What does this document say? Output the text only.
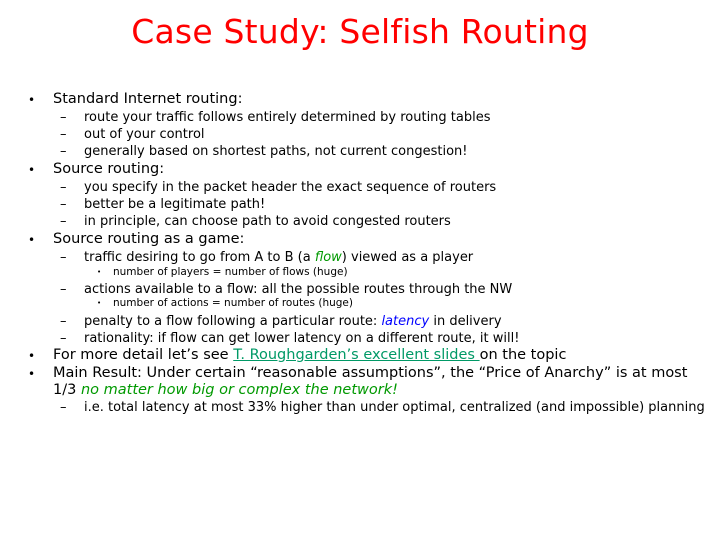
Case Study: Selfish Routing
• Standard Internet routing:
– route your traffic follows entirely determined by routing tables
– out of your control
– generally based on shortest paths, not current congestion!
• Source routing:
– you specify in the packet header the exact sequence of routers
– better be a legitimate path!
– in principle, can choose path to avoid congested routers
• Source routing as a game:
– traffic desiring to go from A to B (a flow) viewed as a player
• number of players = number of flows (huge)
– actions available to a flow: all the possible routes through the NW
• number of actions = number of routes (huge)
– penalty to a flow following a particular route: latency in delivery
– rationality: if flow can get lower latency on a different route, it will!
• For more detail let’s see T. Roughgarden’s excellent slides on the topic
• Main Result: Under certain “reasonable assumptions”, the “Price of Anarchy” is at most
1/3 no matter how big or complex the network!
– i.e. total latency at most 33% higher than under optimal, centralized (and impossible) planning
